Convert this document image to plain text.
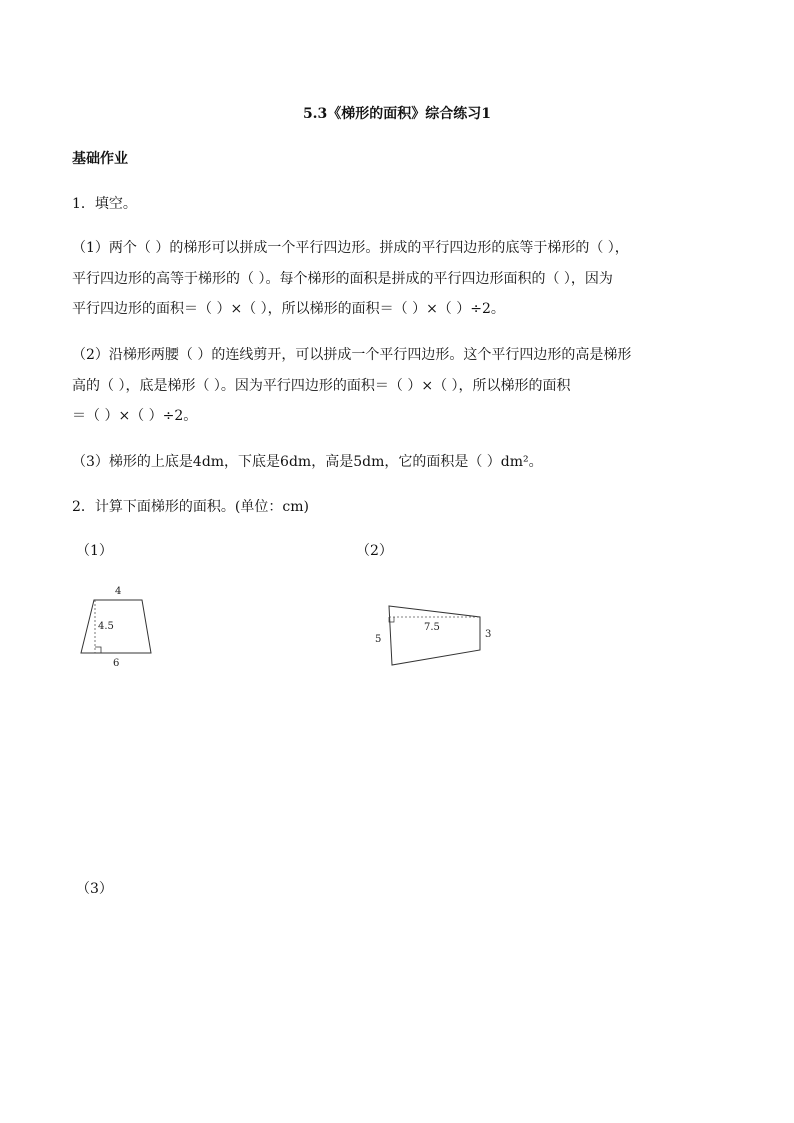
5.3《梯形的面积》综合练习1
基础作业
1．填空。
（1）两个（ ）的梯形可以拼成一个平行四边形。拼成的平行四边形的底等于梯形的（ ），
平行四边形的高等于梯形的（ ）。每个梯形的面积是拼成的平行四边形面积的（ ），因为
平行四边形的面积＝（ ）×（ ），所以梯形的面积＝（ ）×（ ）÷2。
（2）沿梯形两腰（ ）的连线剪开，可以拼成一个平行四边形。这个平行四边形的高是梯形
高的（ ），底是梯形（ ）。因为平行四边形的面积＝（ ）×（ ），所以梯形的面积
＝（ ）×（ ）÷2。
（3）梯形的上底是4dm，下底是6dm，高是5dm，它的面积是（ ）dm²。
2．计算下面梯形的面积。(单位：cm)
（1）	（2）
（3）
4
4.5
6
5
7.5
3
